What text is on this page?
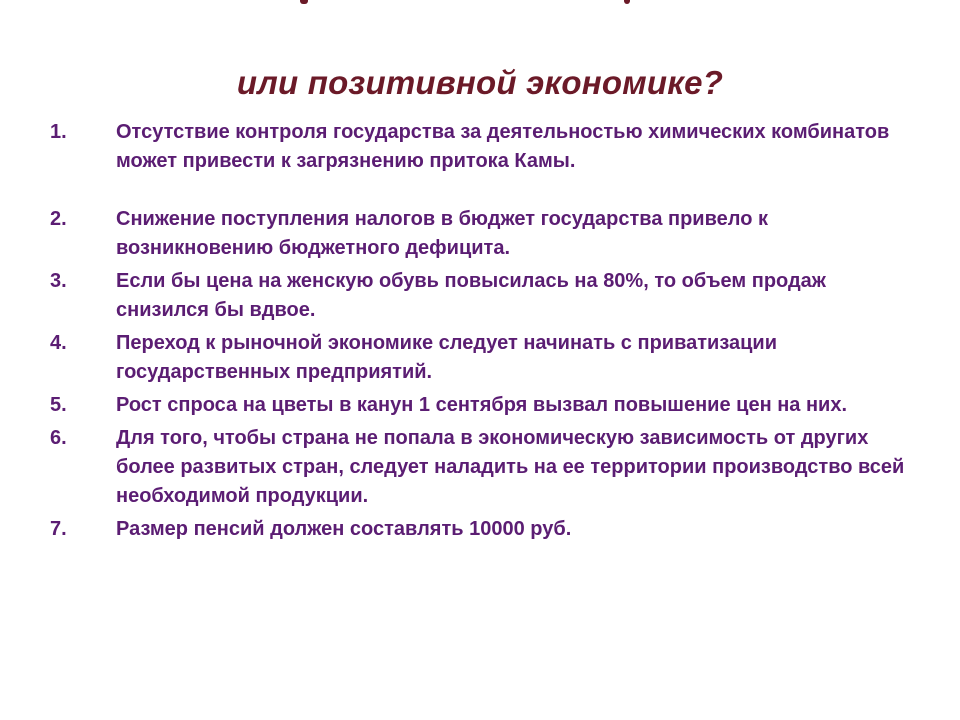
или позитивной экономике?
1.	Отсутствие контроля государства за деятельностью химических комбинатов может привести к загрязнению притока Камы.
2.	Снижение поступления налогов в бюджет государства привело к возникновению бюджетного дефицита.
3.	Если бы цена на женскую обувь повысилась на 80%, то объем продаж снизился бы вдвое.
4.	Переход к рыночной экономике следует начинать с приватизации государственных предприятий.
5.	Рост спроса на цветы в канун 1 сентября вызвал повышение цен на них.
6.	Для того, чтобы страна не попала в экономическую зависимость от других более развитых стран, следует наладить на ее территории производство всей необходимой продукции.
7.	Размер пенсий должен составлять 10000 руб.
